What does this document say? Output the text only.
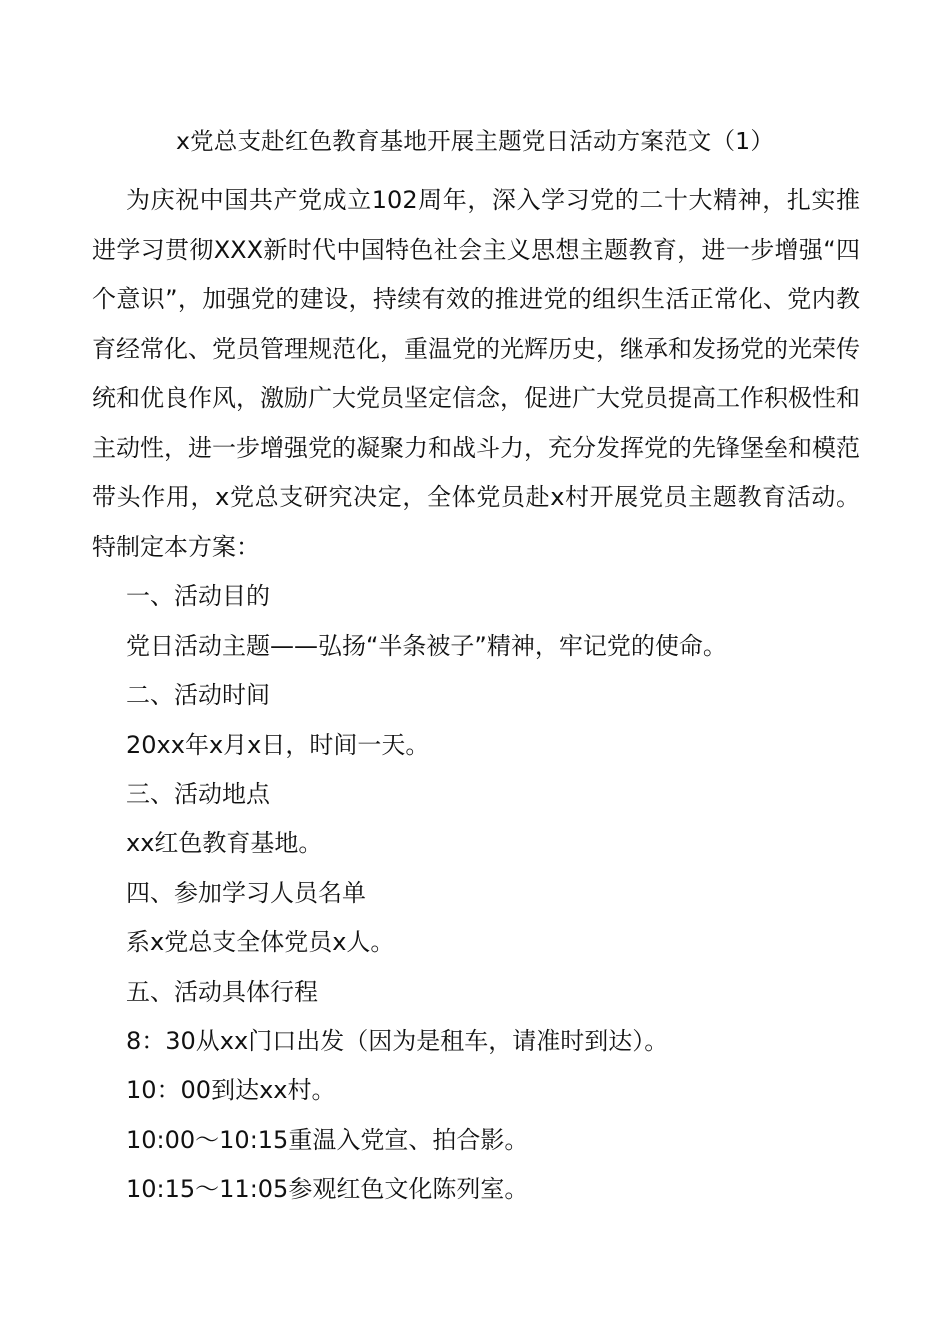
x党总支赴红色教育基地开展主题党日活动方案范文（1）
为庆祝中国共产党成立102周年，深入学习党的二十大精神，扎实推进学习贯彻XXX新时代中国特色社会主义思想主题教育，进一步增强“四个意识”，加强党的建设，持续有效的推进党的组织生活正常化、党内教育经常化、党员管理规范化，重温党的光辉历史，继承和发扬党的光荣传统和优良作风，激励广大党员坚定信念，促进广大党员提高工作积极性和主动性，进一步增强党的凝聚力和战斗力，充分发挥党的先锋堡垒和模范带头作用，x党总支研究决定，全体党员赴x村开展党员主题教育活动。特制定本方案：
一、活动目的
党日活动主题——弘扬“半条被子”精神，牢记党的使命。
二、活动时间
20xx年x月x日，时间一天。
三、活动地点
xx红色教育基地。
四、参加学习人员名单
系x党总支全体党员x人。
五、活动具体行程
8：30从xx门口出发（因为是租车，请准时到达）。
10：00到达xx村。
10:00～10:15重温入党宣、拍合影。
10:15～11:05参观红色文化陈列室。
